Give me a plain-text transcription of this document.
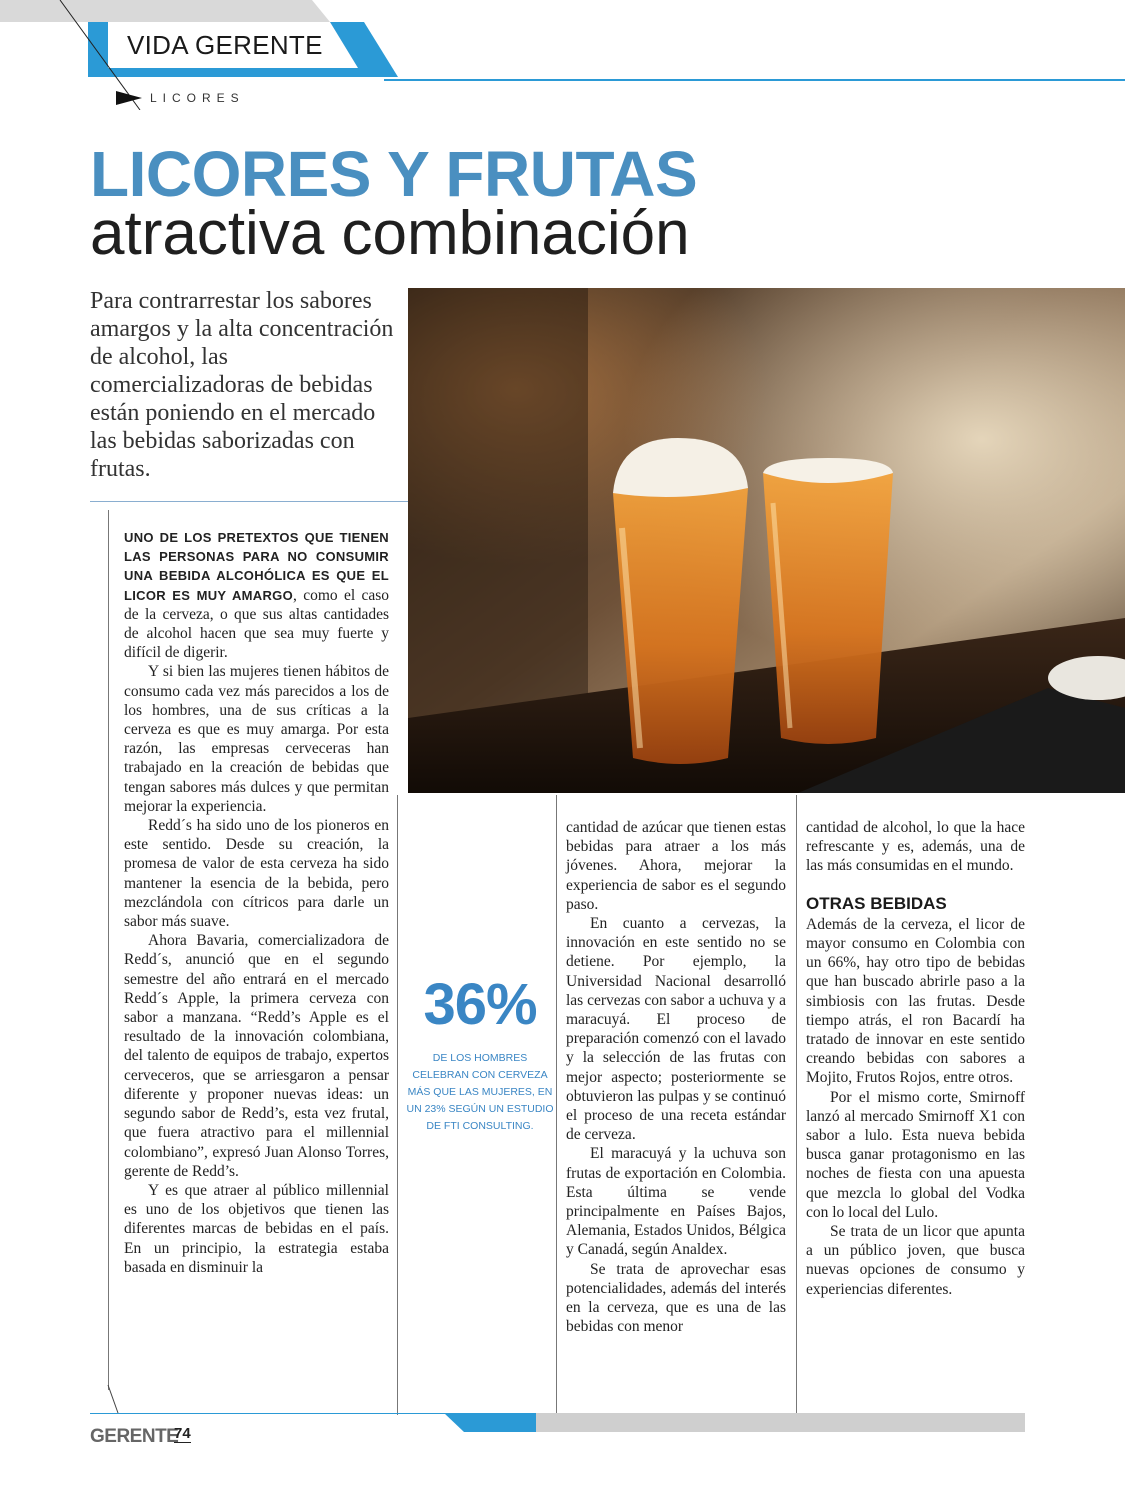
VIDA GERENTE
LICORES
LICORES Y FRUTAS
atractiva combinación
Para contrarrestar los sabores amargos y la alta concentración de alcohol, las comercializadoras de bebidas están poniendo en el mercado las bebidas saborizadas con frutas.

UNO DE LOS PRETEXTOS QUE TIENEN LAS PERSONAS PARA NO CONSUMIR UNA BEBIDA ALCOHÓLICA ES QUE EL LICOR ES MUY AMARGO, como el caso de la cerveza, o que sus altas cantidades de alcohol hacen que sea muy fuerte y difícil de digerir.

Y si bien las mujeres tienen hábitos de consumo cada vez más parecidos a los de los hombres, una de sus críticas a la cerveza es que es muy amarga. Por esta razón, las empresas cerveceras han trabajado en la creación de bebidas que tengan sabores más dulces y que permitan mejorar la experiencia.

Redd´s ha sido uno de los pioneros en este sentido. Desde su creación, la promesa de valor de esta cerveza ha sido mantener la esencia de la bebida, pero mezclándola con cítricos para darle un sabor más suave.

Ahora Bavaria, comercializadora de Redd´s, anunció que en el segundo semestre del año entrará en el mercado Redd´s Apple, la primera cerveza con sabor a manzana. “Redd’s Apple es el resultado de la innovación colombiana, del talento de equipos de trabajo, expertos cerveceros, que se arriesgaron a pensar diferente y proponer nuevas ideas: un segundo sabor de Redd’s, esta vez frutal, que fuera atractivo para el millennial colombiano”, expresó Juan Alonso Torres, gerente de Redd’s.

Y es que atraer al público millennial es uno de los objetivos que tienen las diferentes marcas de bebidas en el país. En un principio, la estrategia estaba basada en disminuir la

36%
DE LOS HOMBRES CELEBRAN CON CERVEZA MÁS QUE LAS MUJERES, EN UN 23% SEGÚN UN ESTUDIO DE FTI CONSULTING.

cantidad de azúcar que tienen estas bebidas para atraer a los más jóvenes. Ahora, mejorar la experiencia de sabor es el segundo paso.

En cuanto a cervezas, la innovación en este sentido no se detiene. Por ejemplo, la Universidad Nacional desarrolló las cervezas con sabor a uchuva y a maracuyá. El proceso de preparación comenzó con el lavado y la selección de las frutas con mejor aspecto; posteriormente se obtuvieron las pulpas y se continuó el proceso de una receta estándar de cerveza.

El maracuyá y la uchuva son frutas de exportación en Colombia. Esta última se vende principalmente en Países Bajos, Alemania, Estados Unidos, Bélgica y Canadá, según Analdex.

Se trata de aprovechar esas potencialidades, además del interés en la cerveza, que es una de las bebidas con menor

cantidad de alcohol, lo que la hace refrescante y es, además, una de las más consumidas en el mundo.

OTRAS BEBIDAS

Además de la cerveza, el licor de mayor consumo en Colombia con un 66%, hay otro tipo de bebidas que han buscado abrirle paso a la simbiosis con las frutas. Desde tiempo atrás, el ron Bacardí ha tratado de innovar en este sentido creando bebidas con sabores a Mojito, Frutos Rojos, entre otros.

Por el mismo corte, Smirnoff lanzó al mercado Smirnoff X1 con sabor a lulo. Esta nueva bebida busca ganar protagonismo en las noches de fiesta con una apuesta que mezcla lo global del Vodka con lo local del Lulo.

Se trata de un licor que apunta a un público joven, que busca nuevas opciones de consumo y experiencias diferentes.

GERENTE
74
